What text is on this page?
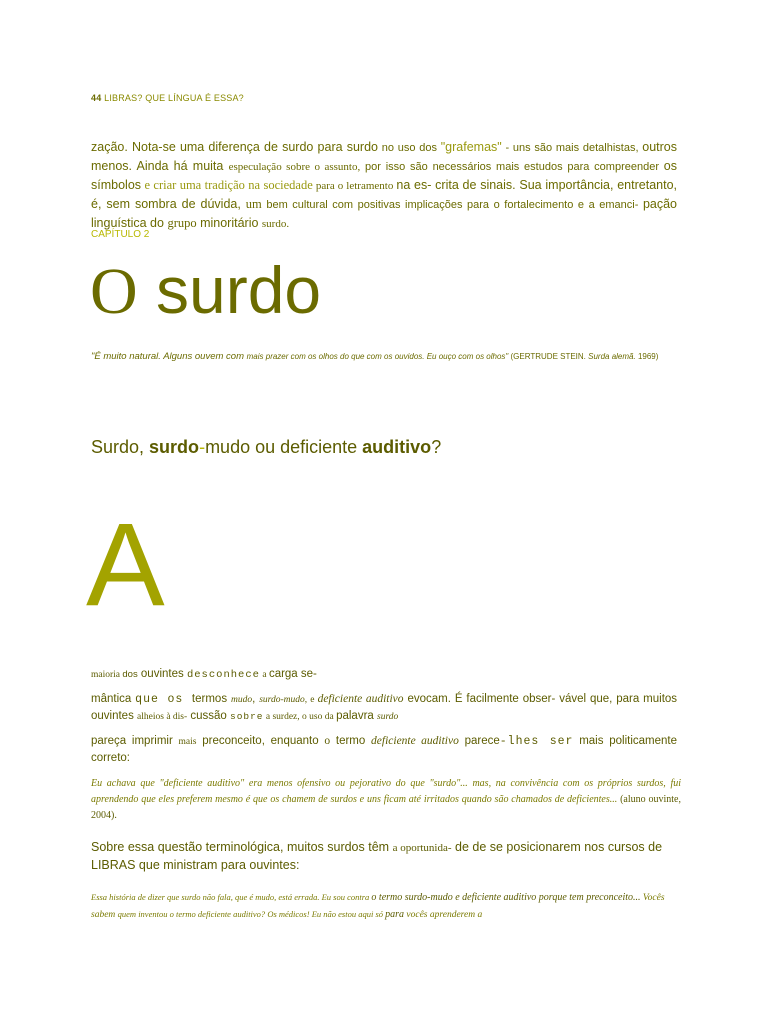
44 LIBRAS? QUE LÍNGUA É ESSA?
zação. Nota-se uma diferença de surdo para surdo no uso dos "grafemas" - uns são mais detalhistas, outros menos. Ainda há muita especulação sobre o assunto, por isso são necessários mais estudos para compreender os símbolos e criar uma tradição na sociedade para o letramento na es- crita de sinais. Sua importância, entretanto, é, sem sombra de dúvida, um bem cultural com positivas implicações para o fortalecimento e a emanci- pação linguística do grupo minoritário surdo.
CAPÍTULO 2
O surdo
"É muito natural. Alguns ouvem com mais prazer com os olhos do que com os ouvidos. Eu ouço com os olhos" (GERTRUDE STEIN. Surda alemã. 1969)
Surdo, surdo-mudo ou deficiente auditivo?
A
maioria dos ouvintes desconhece a carga se-
mântica que os termos mudo, surdo-mudo, e deficiente auditivo evocam. É facilmente obser- vável que, para muitos ouvintes alheios à dis- cussão sobre a surdez, o uso da palavra surdo
pareça imprimir mais preconceito, enquanto o termo deficiente auditivo parece-lhes ser mais politicamente correto:
Eu achava que "deficiente auditivo" era menos ofensivo ou pejorativo do que "surdo"... mas, na convivência com os próprios surdos, fui aprendendo que eles preferem mesmo é que os chamem de surdos e uns ficam até irritados quando são chamados de deficientes... (aluno ouvinte, 2004).
Sobre essa questão terminológica, muitos surdos têm a oportunida- de de se posicionarem nos cursos de LIBRAS que ministram para ouvintes:
Essa história de dizer que surdo não fala, que é mudo, está errada. Eu sou contra o termo surdo-mudo e deficiente auditivo porque tem preconceito... Vocês sabem quem inventou o termo deficiente auditivo? Os médicos! Eu não estou aqui só para vocês aprenderem a
